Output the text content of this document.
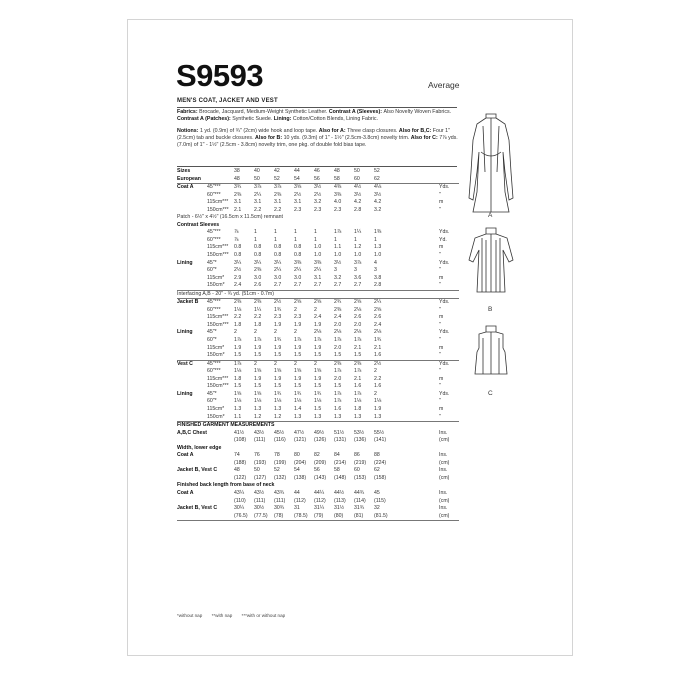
S9593	Average
MEN'S COAT, JACKET AND VEST
Fabrics: Brocade, Jacquard, Medium-Weight Synthetic Leather. Contrast A (Sleeves): Also Novelty Woven Fabrics. Contrast A (Patches): Synthetic Suede. Lining: Cotton/Cotton Blends, Lining Fabric.
Notions: 1 yd. (0.9m) of ¾" (2cm) wide hook and loop tape. Also for A: Three clasp closures. Also for B,C: Four 1" (2.5cm) tab and buckle closures. Also for B: 10 yds. (9.3m) of 1" - 1½" (2.5cm-3.8cm) novelty trim. Also for C: 7⅞ yds. (7.0m) of 1" - 1½" (2.5cm - 3.8cm) novelty trim, one pkg. of double fold bias tape.
Sizes	38	40	42	44	46	48	50	52
European	48	50	52	54	56	58	60	62
Coat A	45"***	3¾	3⅞	3⅞	3⅝	3½	4⅜	4½	4⅛	Yds.
60"***	2⅜	2¼	2⅜	2½	2½	3⅜	3½	3½	"
115cm*** 3.1	3.1	3.1	3.1	3.2	4.0	4.2	4.2	m
150cm*** 2.1	2.2	2.2	2.3	2.3	2.3	2.8	3.2	"
Patch - 6½" x 4½" (16.5cm x 11.5cm) remnant
Contrast Sleeves
45"***	⅞	1	1	1	1	1⅞	1¼	1⅜	Yds.
60"***	⅞	1	1	1	1	1	1	1	Yd.
115cm*** 0.8	0.8	0.8	0.8	1.0	1.1	1.2	1.3	m
150cm*** 0.8	0.8	0.8	0.8	1.0	1.0	1.0	1.0	"
Lining	45"*	3¼	3¼	3¼	3⅜	3⅜	3½	3⅞	4	Yds.
60"*	2½	2⅜	2¼	2¼	2¼	3	3	3	"
115cm* 2.9	3.0	3.0	3.0	3.1	3.2	3.6	3.8	m
150cm* 2.4	2.6	2.7	2.7	2.7	2.7	2.7	2.8	"
Interfacing A,B - 20" - ¾ yd. (51cm - 0.7m)
Jacket B 45"***	2⅜	2⅜	2½	2⅝	2⅝	2¾	2⅝	2¼	Yds.
60"***	1⅛	1¼	1¾	2	2	2⅜	2⅛	2⅝	"
115cm*** 2.2	2.2	2.3	2.3	2.4	2.4	2.6	2.6	m
150cm*** 1.8	1.8	1.9	1.9	1.9	2.0	2.0	2.4	"
Lining	45"*	2	2	2	2	2⅛	2⅛	2⅛	2⅛	Yds.
60"*	1⅞	1⅞	1¾	1⅞	1⅞	1⅞	1⅞	1¾	"
115cm* 1.9	1.9	1.9	1.9	1.9	2.0	2.1	2.1	m
150cm* 1.5	1.5	1.5	1.5	1.5	1.5	1.5	1.6	"
Vest C	45"***	1⅞	2	2	2	2	2⅜	2⅜	2½	Yds.
60"***	1⅛	1⅝	1⅝	1⅝	1⅝	1⅞	1⅞	2	"
115cm*** 1.8	1.9	1.9	1.9	1.9	2.0	2.1	2.2	m
150cm*** 1.5	1.5	1.5	1.5	1.5	1.5	1.6	1.6	"
Lining	45"*	1⅝	1⅝	1¾	1¾	1¾	1⅞	1⅞	2	Yds.
60"*	1⅛	1⅛	1⅛	1⅛	1⅛	1⅞	1⅛	1⅛	"
115cm* 1.3	1.3	1.3	1.4	1.5	1.6	1.8	1.9	m
150cm* 1.1	1.2	1.2	1.3	1.3	1.3	1.3	1.3	"
FINISHED GARMENT MEASUREMENTS
A,B,C Chest	41½	43½	45½	47½	49½	51½	53½	55½	Ins.
(108)	(111)	(116)	(121)	(126)	(131)	(136)	(141)	(cm)
Width, lower edge
Coat A	74	76	78	80	82	84	86	88	Ins.
(188)	(193)	(199)	(204)	(209)	(214)	(219)	(224)	(cm)
Jacket B, Vest C	48	50	52	54	56	58	60	62	Ins.
(122)	(127)	(132)	(138)	(143)	(148)	(153)	(158)	(cm)
Finished back length from base of neck
Coat A	43¼	43½	43¾	44	44¼	44½	44¾	45	Ins.
(110)	(111)	(111)	(112)	(112)	(113)	(114)	(115)	(cm)
Jacket B, Vest C	30¼	30½	30¾	31	31¼	31½	31¾	32	Ins.
(76.5)	(77.5)	(78)	(78.5)	(79)	(80)	(81)	(81.5)	(cm)
*without nap **with nap ***with or without nap
A
B
C
